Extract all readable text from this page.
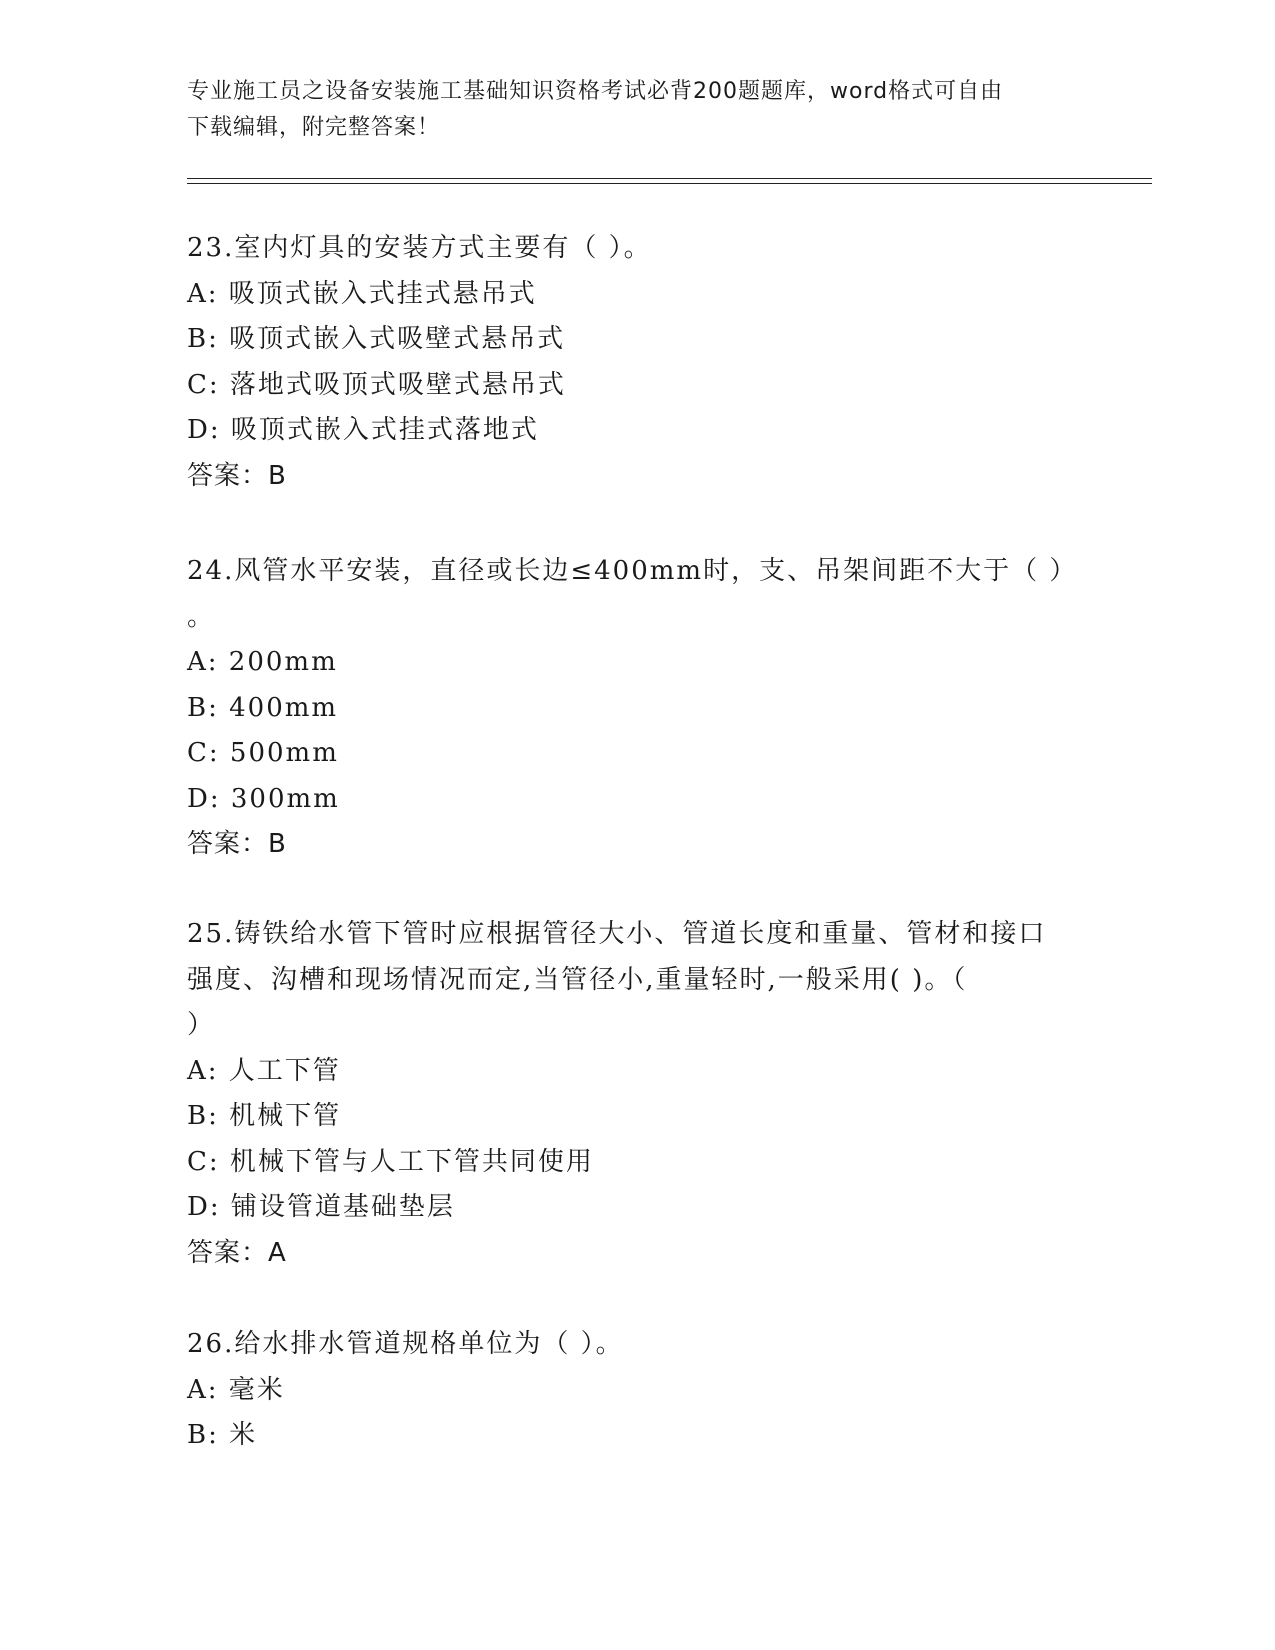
专业施工员之设备安装施工基础知识资格考试必背200题题库，word格式可自由
下载编辑，附完整答案！
23.室内灯具的安装方式主要有（ ）。
A: 吸顶式嵌入式挂式悬吊式
B: 吸顶式嵌入式吸壁式悬吊式
C: 落地式吸顶式吸壁式悬吊式
D: 吸顶式嵌入式挂式落地式
答案：B
24.风管水平安装，直径或长边≤400mm时，支、吊架间距不大于（ ）
。
A: 200mm
B: 400mm
C: 500mm
D: 300mm
答案：B
25.铸铁给水管下管时应根据管径大小、管道长度和重量、管材和接口
强度、沟槽和现场情况而定,当管径小,重量轻时,一般采用( )。（
）
A: 人工下管
B: 机械下管
C: 机械下管与人工下管共同使用
D: 铺设管道基础垫层
答案：A
26.给水排水管道规格单位为（ ）。
A: 毫米
B: 米
